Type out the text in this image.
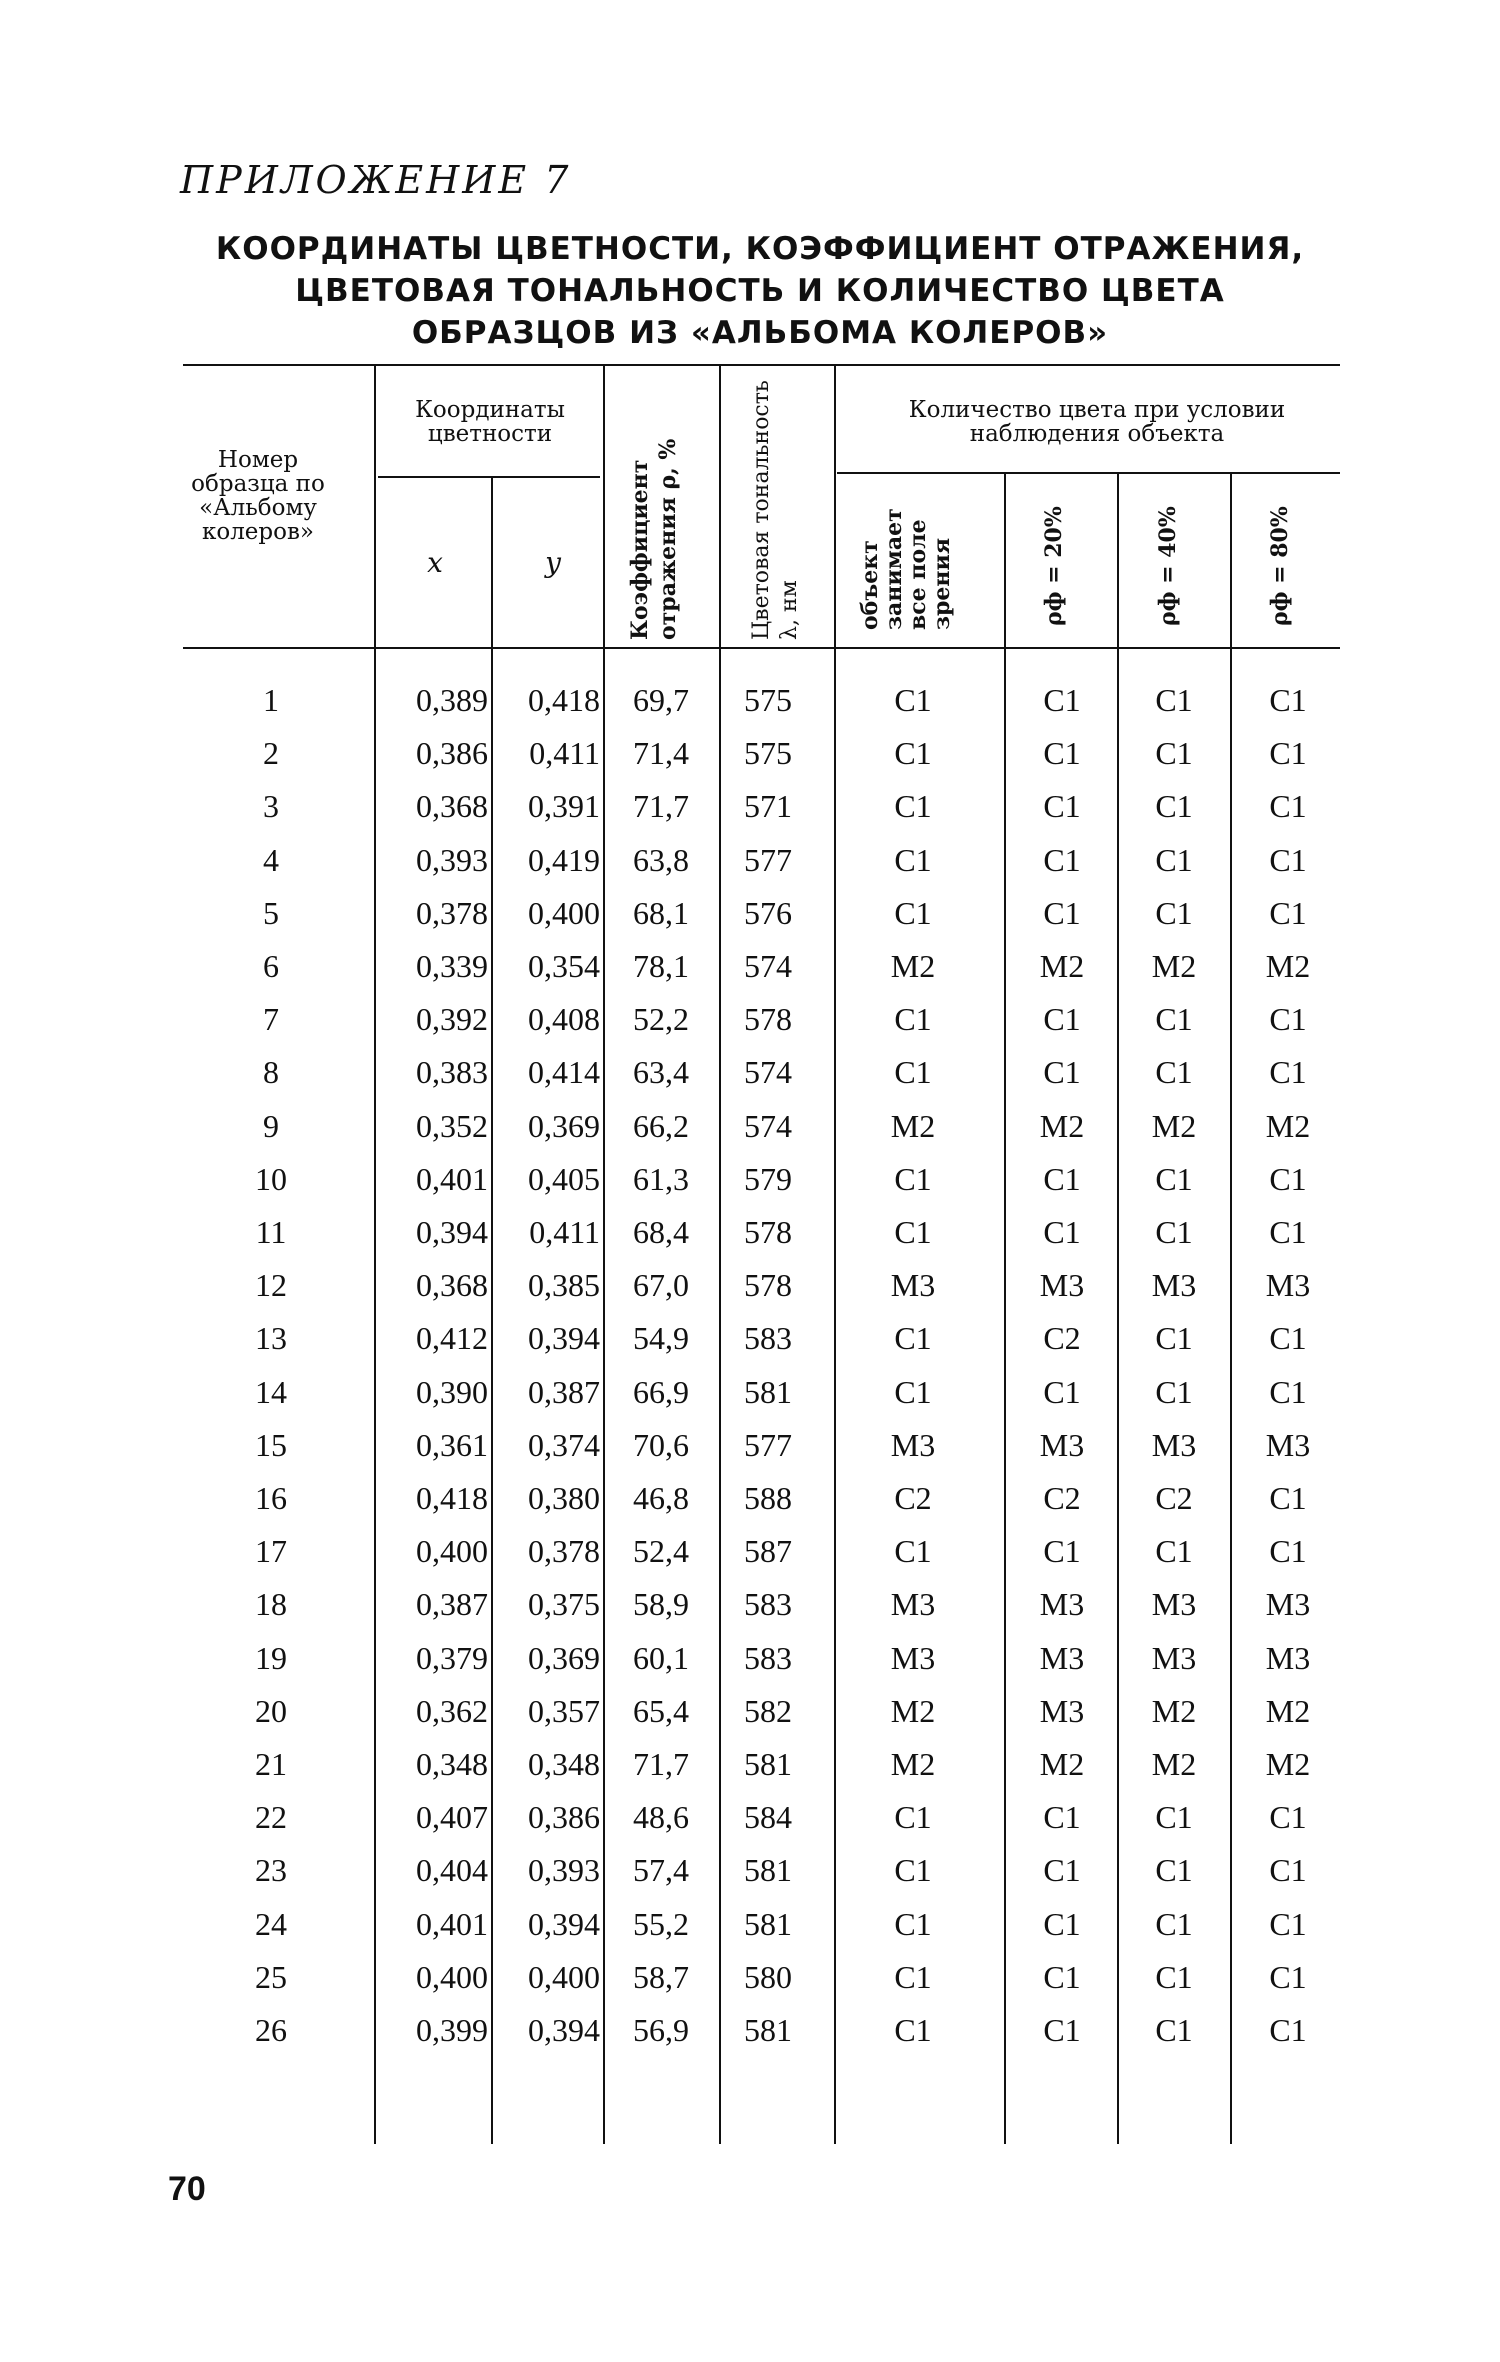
ПРИЛОЖЕНИЕ 7
КООРДИНАТЫ ЦВЕТНОСТИ, КОЭФФИЦИЕНТ ОТРАЖЕНИЯ,
ЦВЕТОВАЯ ТОНАЛЬНОСТЬ И КОЛИЧЕСТВО ЦВЕТА
ОБРАЗЦОВ ИЗ «АЛЬБОМА КОЛЕРОВ»
Номер образца по «Альбому колеров»
Координаты цветности
x	y	Коэффициент отражения ρ, %	Цветовая тональность λ, нм
Количество цвета при условии наблюдения объекта
объект занимает все поле зрения	ρф = 20%	ρф = 40%	ρф = 80%
1	0,389 0,418	69,7	575	C1	C1	C1	C1
2	0,386 0,411	71,4	575	C1	C1	C1	C1
3	0,368 0,391	71,7	571	C1	C1	C1	C1
4	0,393 0,419	63,8	577	C1	C1	C1	C1
5	0,378 0,400	68,1	576	C1	C1	C1	C1
6	0,339 0,354	78,1	574	M2	M2	M2	M2
7	0,392 0,408	52,2	578	C1	C1	C1	C1
8	0,383 0,414	63,4	574	C1	C1	C1	C1
9	0,352 0,369	66,2	574	M2	M2	M2	M2
10	0,401 0,405	61,3	579	C1	C1	C1	C1
11	0,394 0,411	68,4	578	C1	C1	C1	C1
12	0,368 0,385	67,0	578	M3	M3	M3	M3
13	0,412 0,394	54,9	583	C1	C2	C1	C1
14	0,390 0,387	66,9	581	C1	C1	C1	C1
15	0,361 0,374	70,6	577	M3	M3	M3	M3
16	0,418 0,380	46,8	588	C2	C2	C2	C1
17	0,400 0,378	52,4	587	C1	C1	C1	C1
18	0,387 0,375	58,9	583	M3	M3	M3	M3
19	0,379 0,369	60,1	583	M3	M3	M3	M3
20	0,362 0,357	65,4	582	M2	M3	M2	M2
21	0,348 0,348	71,7	581	M2	M2	M2	M2
22	0,407 0,386	48,6	584	C1	C1	C1	C1
23	0,404 0,393	57,4	581	C1	C1	C1	C1
24	0,401 0,394	55,2	581	C1	C1	C1	C1
25	0,400 0,400	58,7	580	C1	C1	C1	C1
26	0,399 0,394	56,9	581	C1	C1	C1	C1
70
